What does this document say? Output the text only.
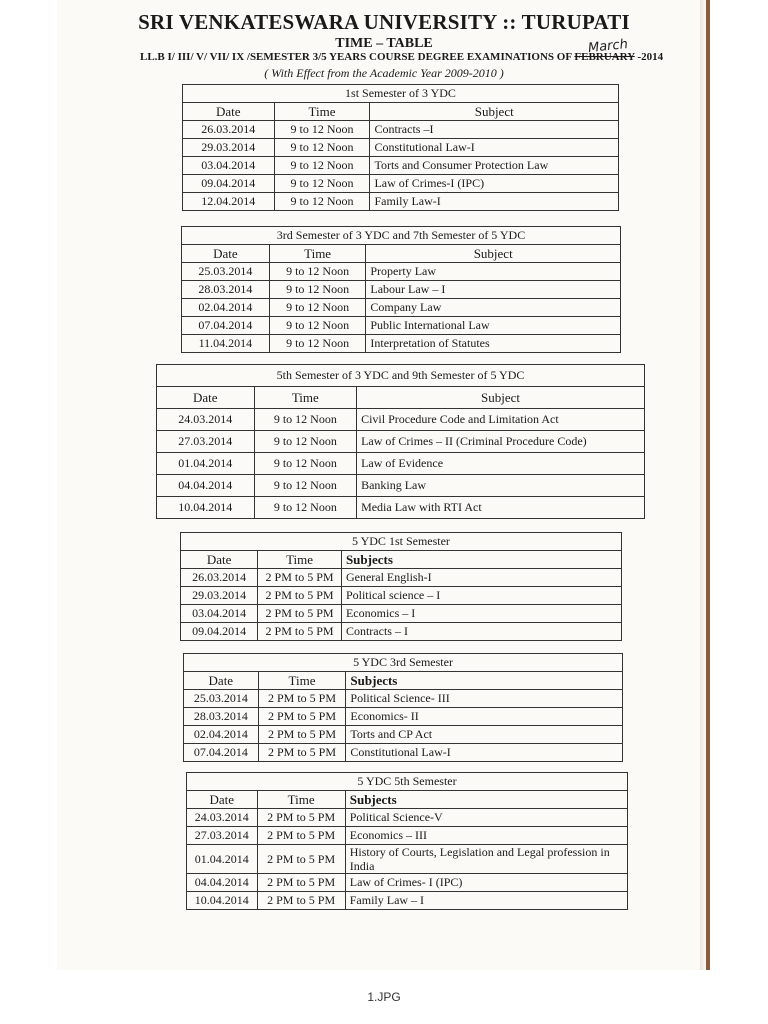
SRI VENKATESWARA UNIVERSITY :: TURUPATI
TIME – TABLE
LL.B I/ III/ V/ VII/ IX /SEMESTER 3/5 YEARS COURSE DEGREE EXAMINATIONS OF FEBRUARY -2014
March
( With Effect from the Academic Year 2009-2010 )
1st Semester of 3 YDC		
Date	Time	Subject
26.03.2014	9 to 12 Noon	Contracts –I
29.03.2014	9 to 12 Noon	Constitutional Law-I
03.04.2014	9 to 12 Noon	Torts and Consumer Protection Law
09.04.2014	9 to 12 Noon	Law of Crimes-I (IPC)
12.04.2014	9 to 12 Noon	Family Law-I
3rd Semester of 3 YDC and 7th Semester of 5 YDC		
Date	Time	Subject
25.03.2014	9 to 12 Noon	Property Law
28.03.2014	9 to 12 Noon	Labour Law – I
02.04.2014	9 to 12 Noon	Company Law
07.04.2014	9 to 12 Noon	Public International Law
11.04.2014	9 to 12 Noon	Interpretation of Statutes
5th Semester of 3 YDC and 9th Semester of 5 YDC		
Date	Time	Subject
24.03.2014	9 to 12 Noon	Civil Procedure Code and Limitation Act
27.03.2014	9 to 12 Noon	Law of Crimes – II (Criminal Procedure Code)
01.04.2014	9 to 12 Noon	Law of Evidence
04.04.2014	9 to 12 Noon	Banking Law
10.04.2014	9 to 12 Noon	Media Law with RTI Act
5 YDC 1st Semester		
Date	Time	Subjects
26.03.2014	2 PM to 5 PM	General English-I
29.03.2014	2 PM to 5 PM	Political science – I
03.04.2014	2 PM to 5 PM	Economics – I
09.04.2014	2 PM to 5 PM	Contracts – I
5 YDC 3rd Semester		
Date	Time	Subjects
25.03.2014	2 PM to 5 PM	Political Science- III
28.03.2014	2 PM to 5 PM	Economics- II
02.04.2014	2 PM to 5 PM	Torts and CP Act
07.04.2014	2 PM to 5 PM	Constitutional Law-I
5 YDC 5th Semester		
Date	Time	Subjects
24.03.2014	2 PM to 5 PM	Political Science-V
27.03.2014	2 PM to 5 PM	Economics – III
01.04.2014	2 PM to 5 PM	History of Courts, Legislation and Legal profession in India
04.04.2014	2 PM to 5 PM	Law of Crimes- I (IPC)
10.04.2014	2 PM to 5 PM	Family Law – I
1.JPG
